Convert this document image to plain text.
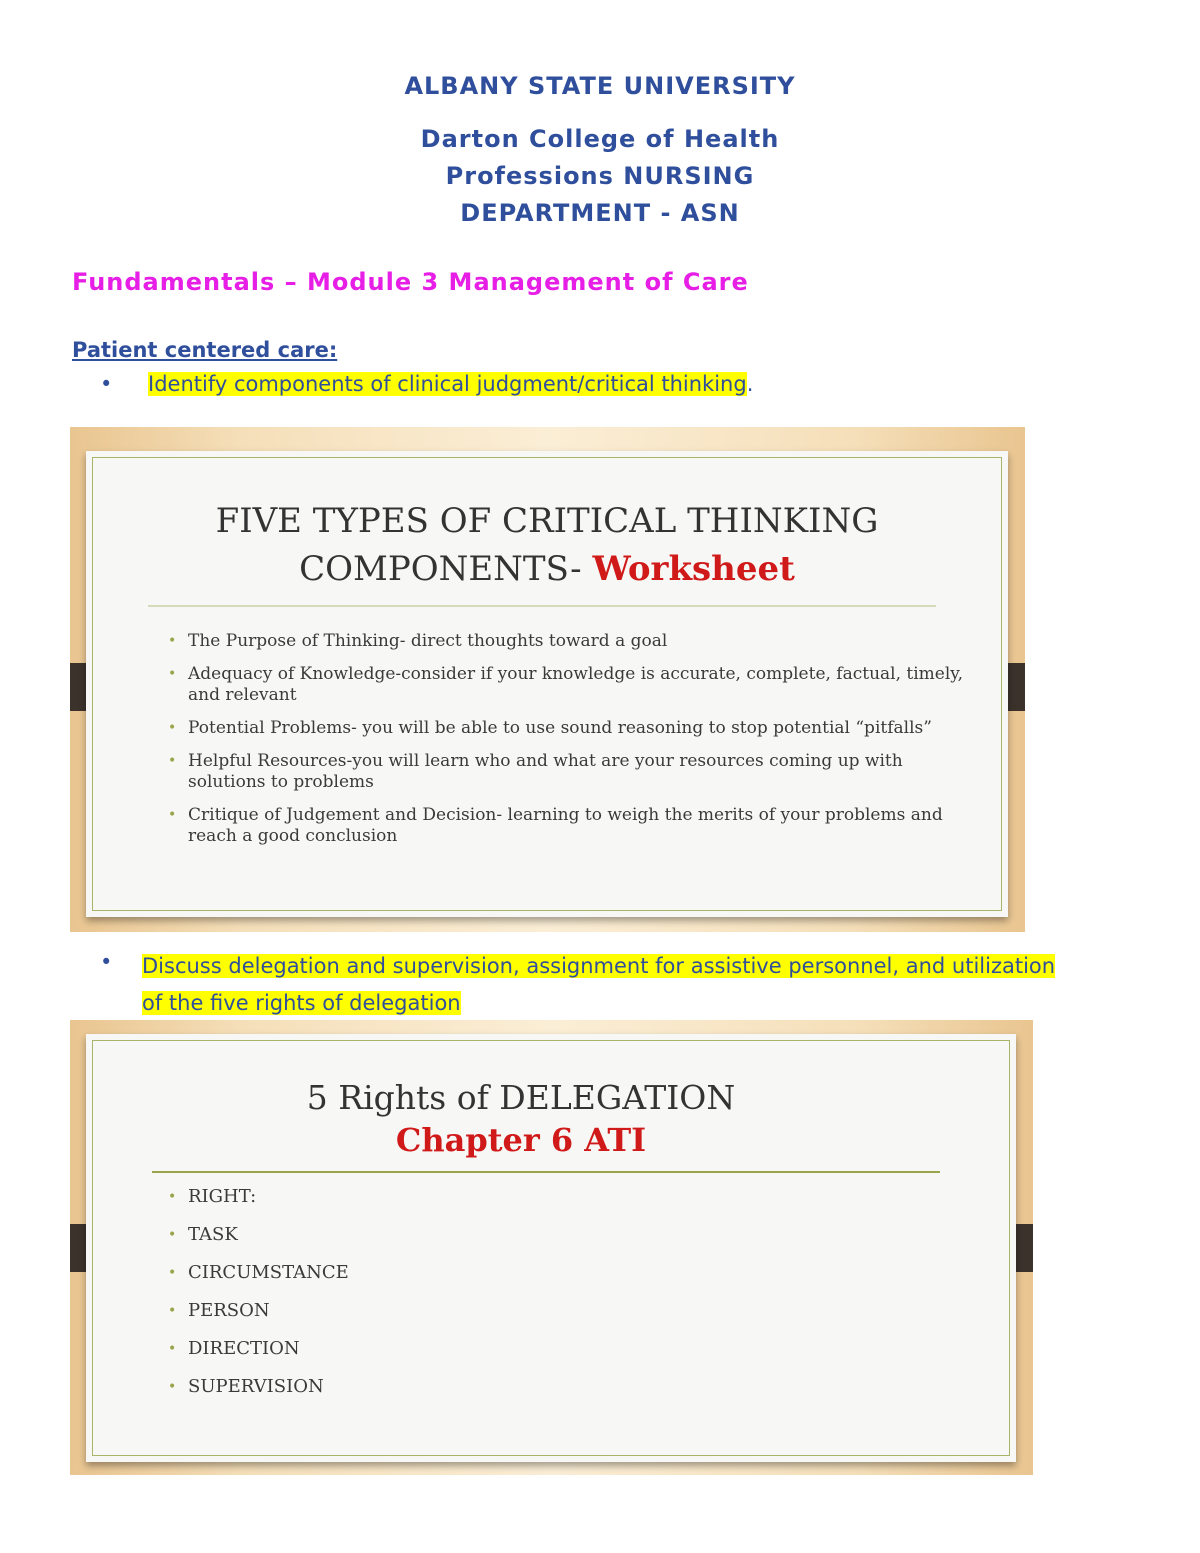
ALBANY STATE UNIVERSITY
Darton College of Health
Professions NURSING
DEPARTMENT - ASN
Fundamentals – Module 3 Management of Care
Patient centered care:
• Identify components of clinical judgment/critical thinking.
FIVE TYPES OF CRITICAL THINKING
COMPONENTS- Worksheet
• The Purpose of Thinking- direct thoughts toward a goal
• Adequacy of Knowledge-consider if your knowledge is accurate, complete, factual, timely, and relevant
• Potential Problems- you will be able to use sound reasoning to stop potential “pitfalls”
• Helpful Resources-you will learn who and what are your resources coming up with solutions to problems
• Critique of Judgement and Decision- learning to weigh the merits of your problems and reach a good conclusion
• Discuss delegation and supervision, assignment for assistive personnel, and utilization of the five rights of delegation
5 Rights of DELEGATION
Chapter 6 ATI
• RIGHT:
• TASK
• CIRCUMSTANCE
• PERSON
• DIRECTION
• SUPERVISION
